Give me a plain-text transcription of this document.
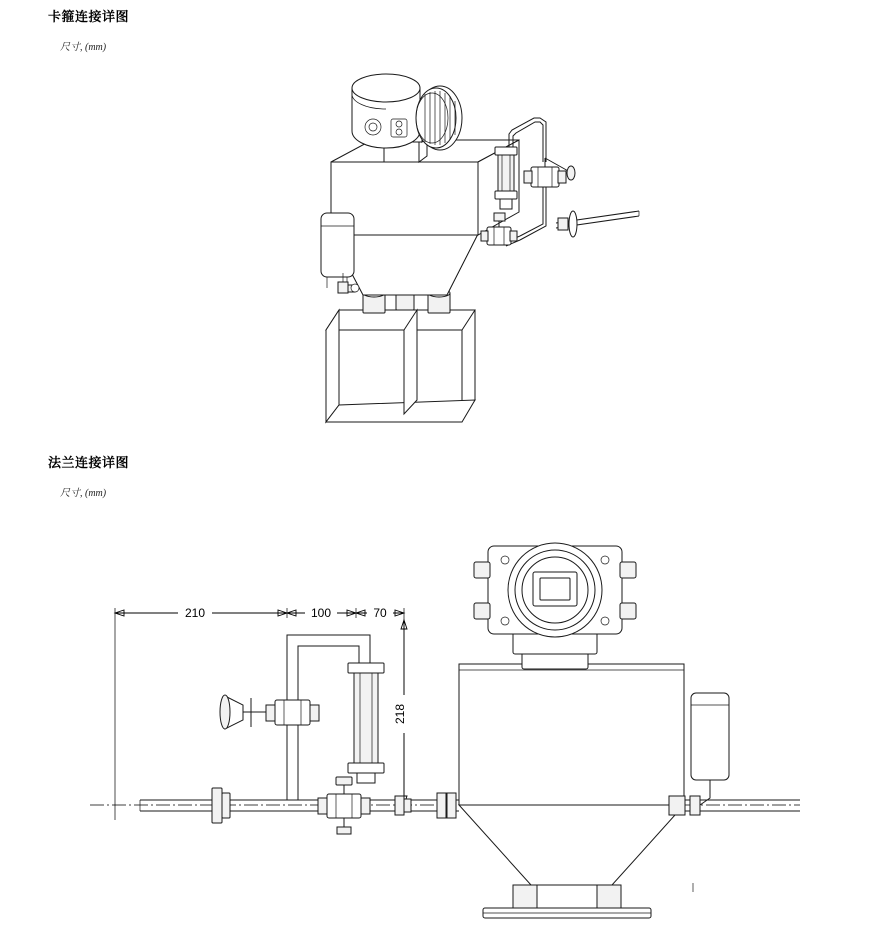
卡箍连接详图
尺寸, (mm)
法兰连接详图
尺寸, (mm)
210	100	70
218
